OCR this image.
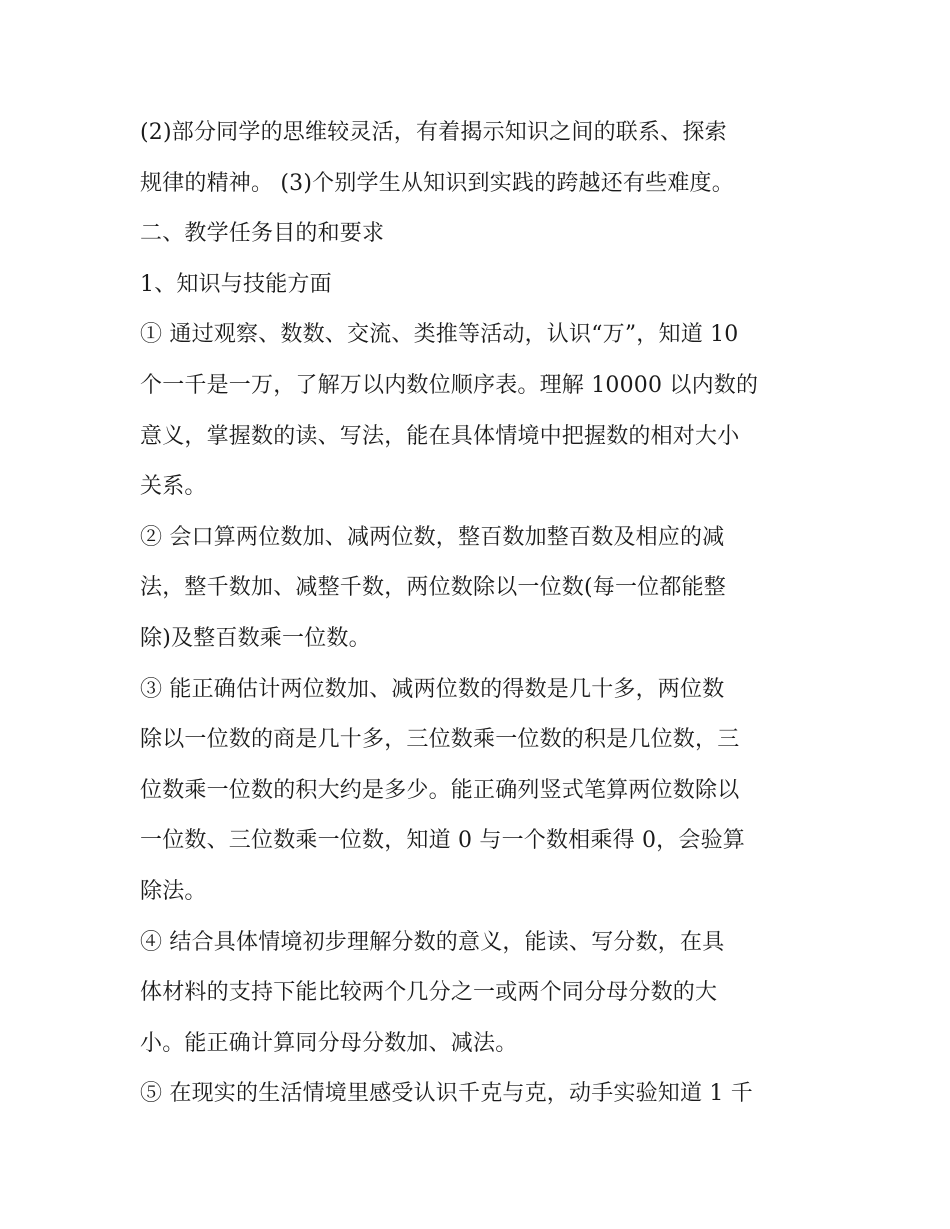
(2)部分同学的思维较灵活，有着揭示知识之间的联系、探索
规律的精神。 (3)个别学生从知识到实践的跨越还有些难度。
二、教学任务目的和要求
1、知识与技能方面
① 通过观察、数数、交流、类推等活动，认识“万”，知道 10
个一千是一万，了解万以内数位顺序表。理解 10000 以内数的
意义，掌握数的读、写法，能在具体情境中把握数的相对大小
关系。
② 会口算两位数加、减两位数，整百数加整百数及相应的减
法，整千数加、减整千数，两位数除以一位数(每一位都能整
除)及整百数乘一位数。
③ 能正确估计两位数加、减两位数的得数是几十多，两位数
除以一位数的商是几十多，三位数乘一位数的积是几位数，三
位数乘一位数的积大约是多少。能正确列竖式笔算两位数除以
一位数、三位数乘一位数，知道 0 与一个数相乘得 0，会验算
除法。
④ 结合具体情境初步理解分数的意义，能读、写分数，在具
体材料的支持下能比较两个几分之一或两个同分母分数的大
小。能正确计算同分母分数加、减法。
⑤ 在现实的生活情境里感受认识千克与克，动手实验知道 1 千
